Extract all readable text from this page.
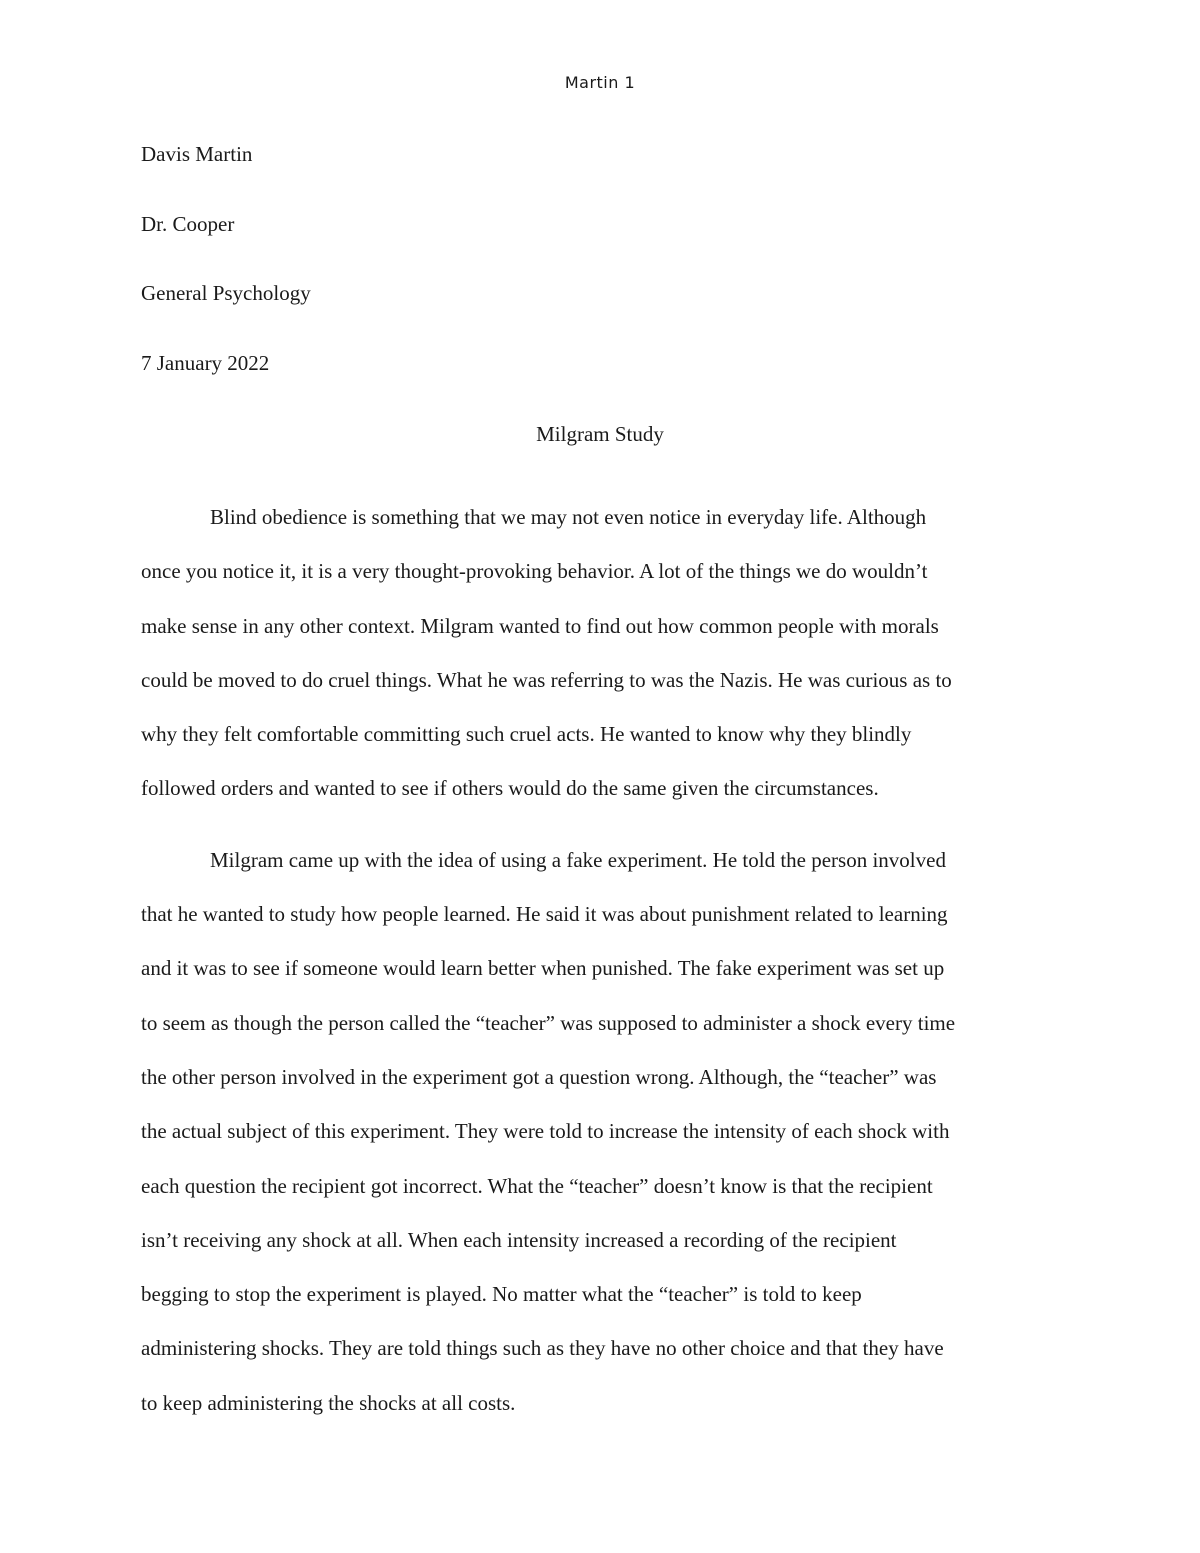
Martin 1

Davis Martin

Dr. Cooper

General Psychology

7 January 2022

Milgram Study

Blind obedience is something that we may not even notice in everyday life. Although
once you notice it, it is a very thought-provoking behavior. A lot of the things we do wouldn’t
make sense in any other context. Milgram wanted to find out how common people with morals
could be moved to do cruel things. What he was referring to was the Nazis. He was curious as to
why they felt comfortable committing such cruel acts. He wanted to know why they blindly
followed orders and wanted to see if others would do the same given the circumstances.

Milgram came up with the idea of using a fake experiment. He told the person involved
that he wanted to study how people learned. He said it was about punishment related to learning
and it was to see if someone would learn better when punished. The fake experiment was set up
to seem as though the person called the “teacher” was supposed to administer a shock every time
the other person involved in the experiment got a question wrong. Although, the “teacher” was
the actual subject of this experiment. They were told to increase the intensity of each shock with
each question the recipient got incorrect. What the “teacher” doesn’t know is that the recipient
isn’t receiving any shock at all. When each intensity increased a recording of the recipient
begging to stop the experiment is played. No matter what the “teacher” is told to keep
administering shocks. They are told things such as they have no other choice and that they have
to keep administering the shocks at all costs.
